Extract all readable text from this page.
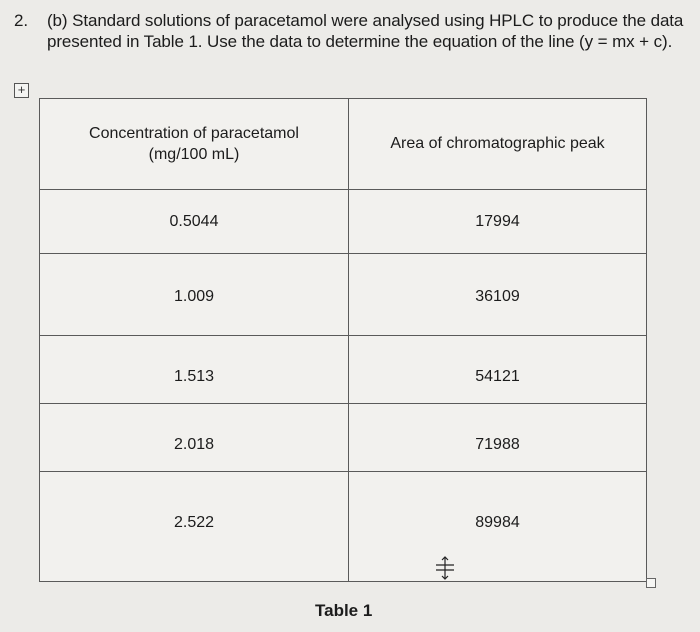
2. (b) Standard solutions of paracetamol were analysed using HPLC to produce the data presented in Table 1. Use the data to determine the equation of the line (y = mx + c).
+
Concentration of paracetamol (mg/100 mL)	Area of chromatographic peak
0.5044	17994
1.009	36109
1.513	54121
2.018	71988
2.522	89984
Table 1
